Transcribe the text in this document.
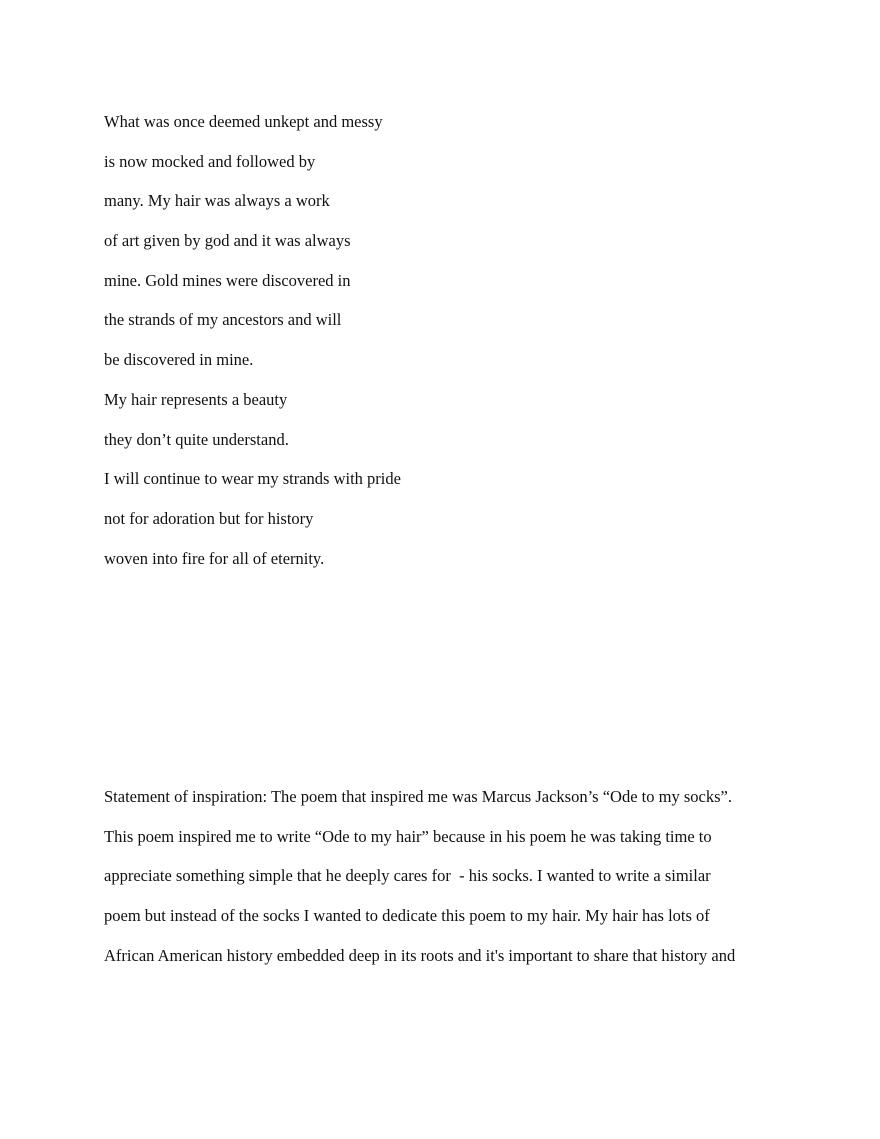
What was once deemed unkept and messy
is now mocked and followed by
many. My hair was always a work
of art given by god and it was always
mine. Gold mines were discovered in
the strands of my ancestors and will
be discovered in mine.
My hair represents a beauty
they don’t quite understand.
I will continue to wear my strands with pride
not for adoration but for history
woven into fire for all of eternity.
Statement of inspiration: The poem that inspired me was Marcus Jackson’s “Ode to my socks”.
This poem inspired me to write “Ode to my hair” because in his poem he was taking time to
appreciate something simple that he deeply cares for  - his socks. I wanted to write a similar
poem but instead of the socks I wanted to dedicate this poem to my hair. My hair has lots of
African American history embedded deep in its roots and it's important to share that history and
